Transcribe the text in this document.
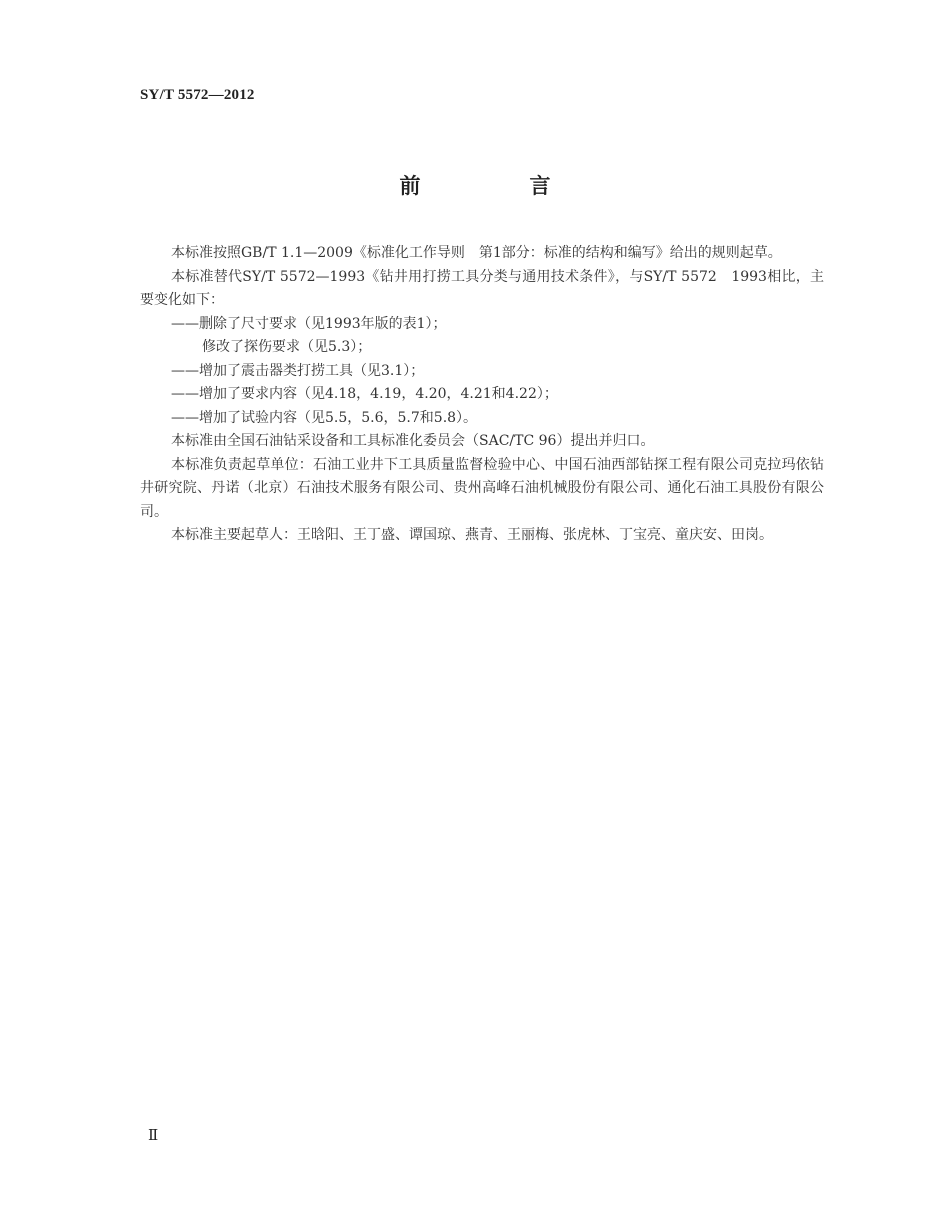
SY/T 5572—2012
前　言

本标准按照GB/T 1.1—2009《标准化工作导则　第1部分：标准的结构和编写》给出的规则起草。

本标准替代SY/T 5572—1993《钻井用打捞工具分类与通用技术条件》，与SY/T 5572　1993相比，主要变化如下：

——删除了尺寸要求（见1993年版的表1）；

修改了探伤要求（见5.3）；

——增加了震击器类打捞工具（见3.1）；

——增加了要求内容（见4.18，4.19，4.20，4.21和4.22）；

——增加了试验内容（见5.5，5.6，5.7和5.8）。

本标准由全国石油钻采设备和工具标准化委员会（SAC/TC 96）提出并归口。

本标准负责起草单位：石油工业井下工具质量监督检验中心、中国石油西部钻探工程有限公司克拉玛依钻井研究院、丹诺（北京）石油技术服务有限公司、贵州高峰石油机械股份有限公司、通化石油工具股份有限公司。

本标准主要起草人：王晗阳、王丁盛、谭国琼、燕青、王丽梅、张虎林、丁宝亮、童庆安、田岗。

Ⅱ
